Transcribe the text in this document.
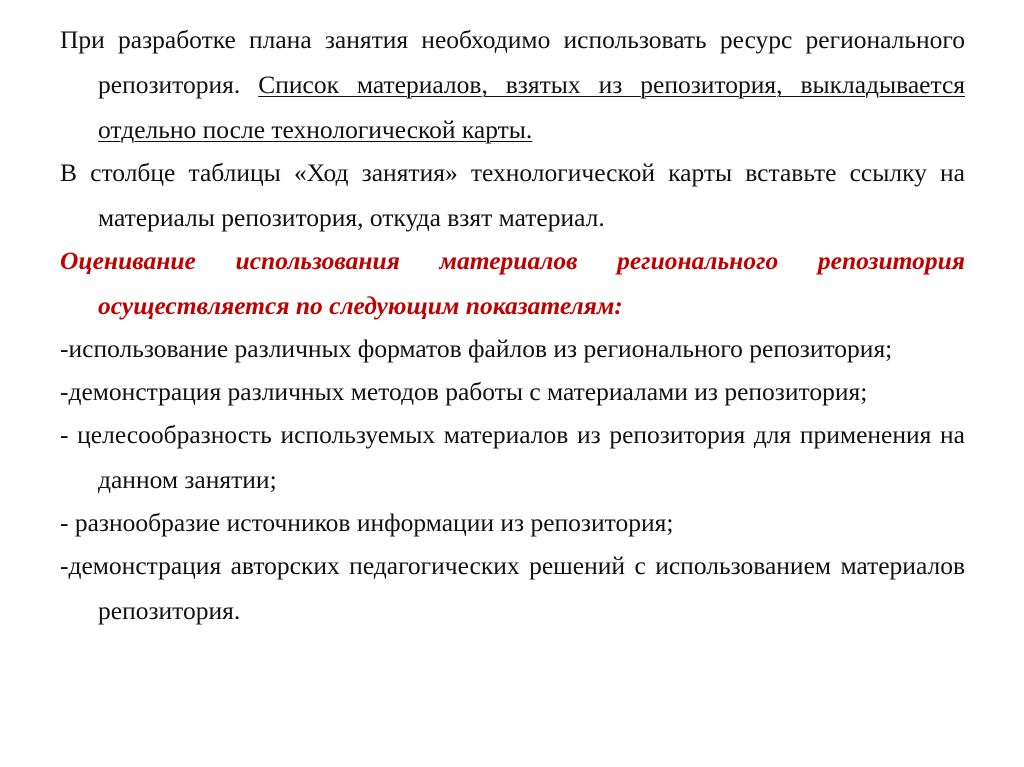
При разработке плана занятия необходимо использовать ресурс регионального репозитория. Список материалов, взятых из репозитория, выкладывается отдельно после технологической карты.

В столбце таблицы «Ход занятия» технологической карты вставьте ссылку на материалы репозитория, откуда взят материал.

Оценивание использования материалов регионального репозитория осуществляется по следующим показателям:

-использование различных форматов файлов из регионального репозитория;

-демонстрация различных методов работы с материалами из репозитория;

- целесообразность используемых материалов из репозитория для применения на данном занятии;

- разнообразие источников информации из репозитория;

-демонстрация авторских педагогических решений с использованием материалов репозитория.
